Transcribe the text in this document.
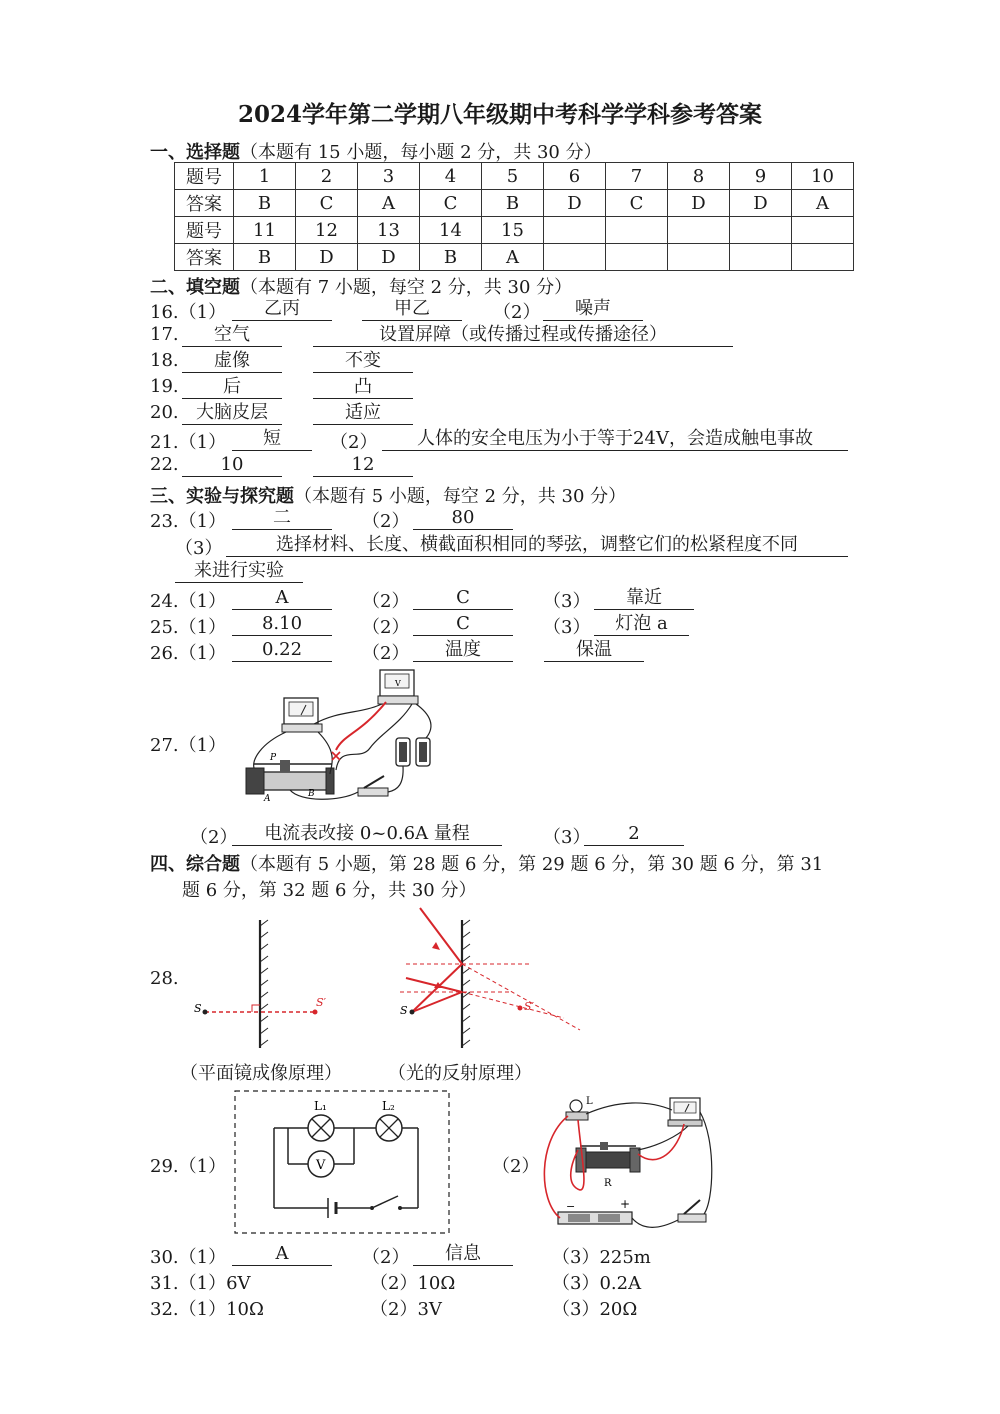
2024学年第二学期八年级期中考科学学科参考答案
一、选择题（本题有 15 小题，每小题 2 分，共 30 分）
题号	1	2	3	4	5	6	7	8	9	10
答案	B	C	A	C	B	D	C	D	D	A
题号	11	12	13	14	15					
答案	B	D	D	B	A					
二、填空题（本题有 7 小题，每空 2 分，共 30 分）
16.（1）	乙丙	甲乙	（2）	噪声
17.	空气	设置屏障（或传播过程或传播途径）
18.	虚像	不变
19.	后	凸
20. 大脑皮层	适应
21.（1）	短	（2）	人体的安全电压为小于等于24V，会造成触电事故
22.	10	12
三、实验与探究题（本题有 5 小题，每空 2 分，共 30 分）
23.（1）	二	（2）	80
（3）	选择材料、长度、横截面积相同的琴弦，调整它们的松紧程度不同
来进行实验
24.（1）	A	（2）	C	（3）	靠近
25.（1）	8.10	（2）	C	（3）	灯泡 a
26.（1）	0.22	（2）	温度	保温
27.（1）
V
P
A	B
（2）	电流表改接 0~0.6A 量程	（3）	2
四、综合题（本题有 5 小题，第 28 题 6 分，第 29 题 6 分，第 30 题 6 分，第 31
题 6 分，第 32 题 6 分，共 30 分）
28.
S	S′
S	S′
（平面镜成像原理）	（光的反射原理）
29.（1）
L₁	L₂
V	（2）
L
R
−	+
30.（1）	A	（2）	信息	（3）225m
31.（1）6V	（2）10Ω	（3）0.2A
32.（1）10Ω	（2）3V	（3）20Ω
